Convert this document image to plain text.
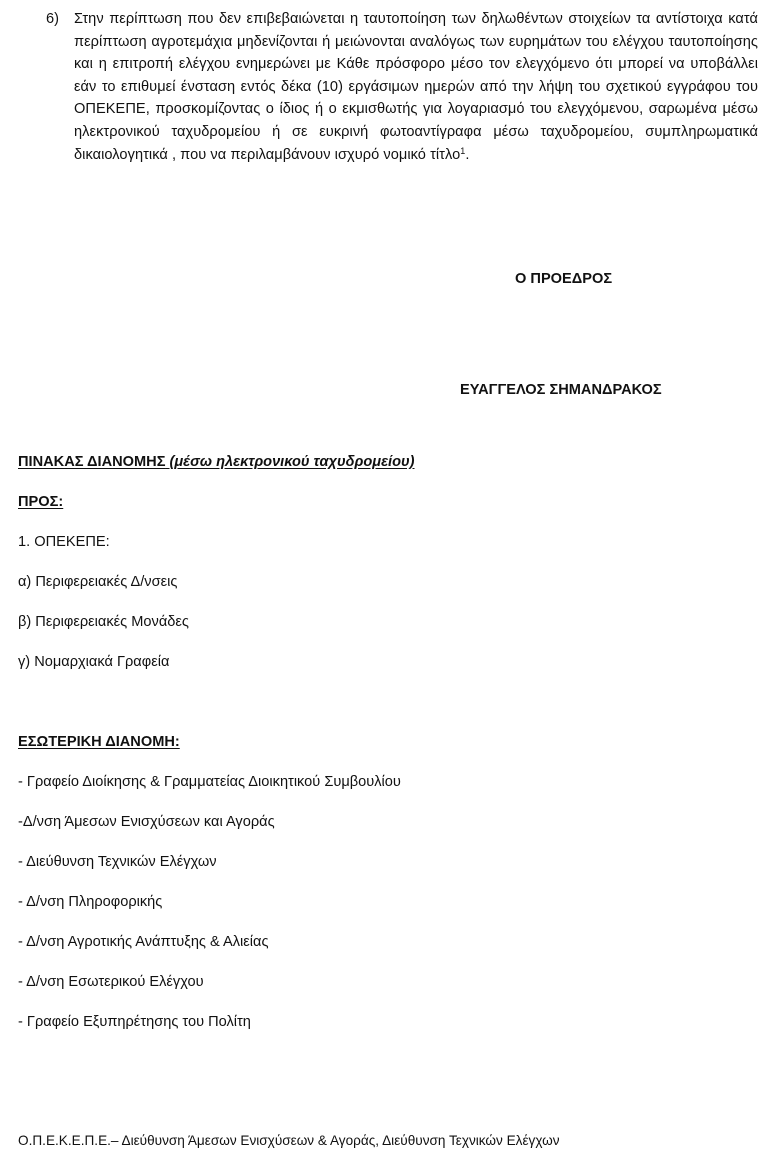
6) Στην περίπτωση που δεν επιβεβαιώνεται η ταυτοποίηση των δηλωθέντων στοιχείων τα αντίστοιχα κατά περίπτωση αγροτεμάχια μηδενίζονται ή μειώνονται αναλόγως των ευρημάτων του ελέγχου ταυτοποίησης και η επιτροπή ελέγχου ενημερώνει με Κάθε πρόσφορο μέσο τον ελεγχόμενο ότι μπορεί να υποβάλλει εάν το επιθυμεί ένσταση εντός δέκα (10) εργάσιμων ημερών από την λήψη του σχετικού εγγράφου του ΟΠΕΚΕΠΕ, προσκομίζοντας ο ίδιος ή ο εκμισθωτής για λογαριασμό του ελεγχόμενου, σαρωμένα μέσω ηλεκτρονικού ταχυδρομείου ή σε ευκρινή φωτοαντίγραφα μέσω ταχυδρομείου, συμπληρωματικά δικαιολογητικά , που να περιλαμβάνουν ισχυρό νομικό τίτλο$^1$.
Ο ΠΡΟΕΔΡΟΣ
ΕΥΑΓΓΕΛΟΣ ΣΗΜΑΝΔΡΑΚΟΣ
ΠΙΝΑΚΑΣ ΔΙΑΝΟΜΗΣ (μέσω ηλεκτρονικού ταχυδρομείου)
ΠΡΟΣ:
1. ΟΠΕΚΕΠΕ:
α) Περιφερειακές Δ/νσεις
β) Περιφερειακές Μονάδες
γ) Νομαρχιακά Γραφεία
ΕΣΩΤΕΡΙΚΗ ΔΙΑΝΟΜΗ:
- Γραφείο Διοίκησης & Γραμματείας Διοικητικού Συμβουλίου
-Δ/νση Άμεσων Ενισχύσεων και Αγοράς
- Διεύθυνση Τεχνικών Ελέγχων
- Δ/νση Πληροφορικής
- Δ/νση Αγροτικής Ανάπτυξης & Αλιείας
- Δ/νση Εσωτερικού Ελέγχου
- Γραφείο Εξυπηρέτησης του Πολίτη
Ο.Π.Ε.Κ.Ε.Π.Ε.– Διεύθυνση Άμεσων Ενισχύσεων & Αγοράς, Διεύθυνση Τεχνικών Ελέγχων
